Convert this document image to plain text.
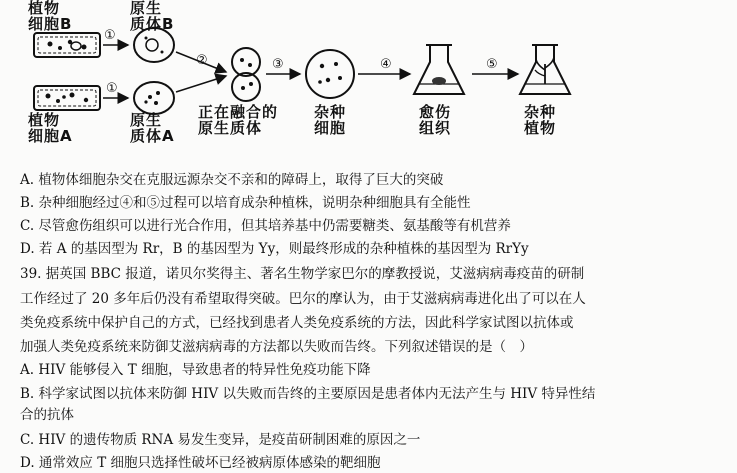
植物
细胞B
原生
质体B
植物
细胞A
原生
质体A
正在融合的
原生质体
杂种
细胞
愈伤
组织
杂种
植物
①
①
②	③	④	⑤
A. 植物体细胞杂交在克服远源杂交不亲和的障碍上，取得了巨大的突破
B. 杂种细胞经过④和⑤过程可以培育成杂种植株，说明杂种细胞具有全能性
C. 尽管愈伤组织可以进行光合作用，但其培养基中仍需要糖类、氨基酸等有机营养
D. 若 A 的基因型为 Rr，B 的基因型为 Yy，则最终形成的杂种植株的基因型为 RrYy
39. 据英国 BBC 报道，诺贝尔奖得主、著名生物学家巴尔的摩教授说，艾滋病病毒疫苗的研制
工作经过了 20 多年后仍没有希望取得突破。巴尔的摩认为，由于艾滋病病毒进化出了可以在人
类免疫系统中保护自己的方式，已经找到患者人类免疫系统的方法，因此科学家试图以抗体或
加强人类免疫系统来防御艾滋病病毒的方法都以失败而告终。下列叙述错误的是（　）
A. HIV 能够侵入 T 细胞，导致患者的特异性免疫功能下降
B. 科学家试图以抗体来防御 HIV 以失败而告终的主要原因是患者体内无法产生与 HIV 特异性结
合的抗体
C. HIV 的遗传物质 RNA 易发生变异，是疫苗研制困难的原因之一
D. 通常效应 T 细胞只选择性破坏已经被病原体感染的靶细胞
